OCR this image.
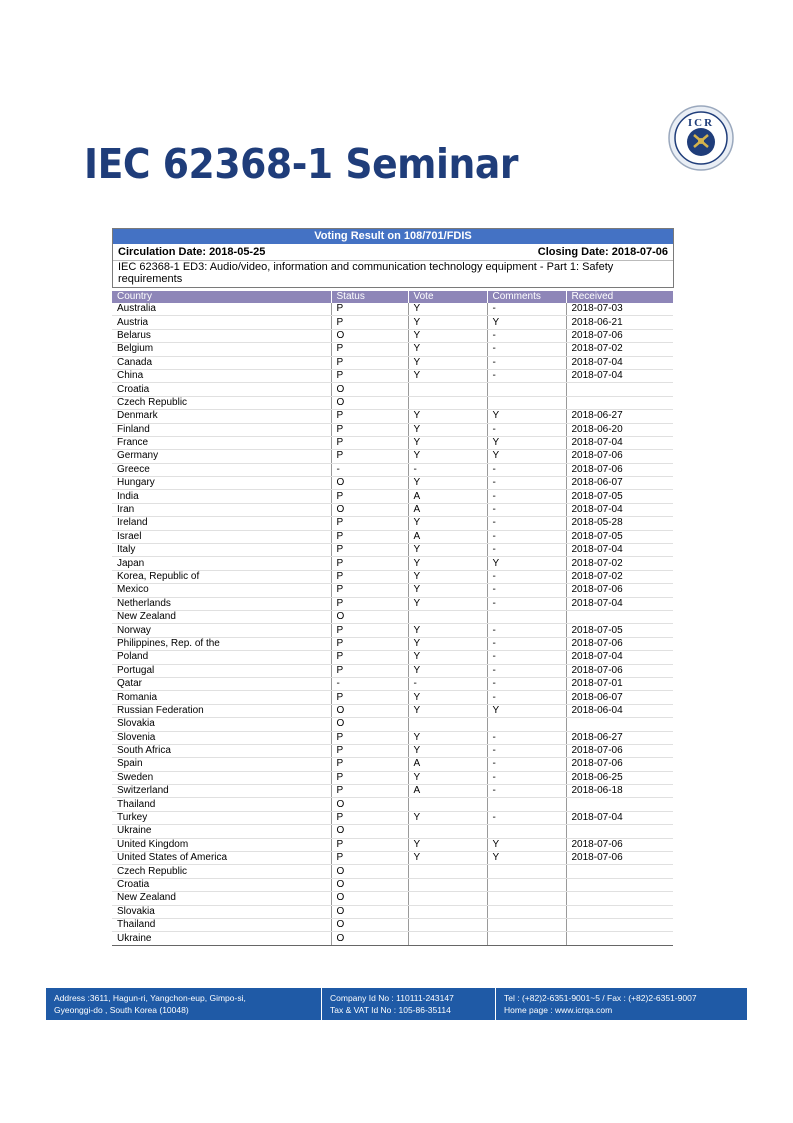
ICR
IEC 62368-1 Seminar
Voting Result on 108/701/FDIS
Circulation Date: 2018-05-25	Closing Date: 2018-07-06
IEC 62368-1 ED3: Audio/video, information and communication technology equipment - Part 1: Safety requirements
Country	Status	Vote	Comments	Received
Australia	P	Y	-	2018-07-03
Austria	P	Y	Y	2018-06-21
Belarus	O	Y	-	2018-07-06
Belgium	P	Y	-	2018-07-02
Canada	P	Y	-	2018-07-04
China	P	Y	-	2018-07-04
Croatia	O			
Czech Republic	O			
Denmark	P	Y	Y	2018-06-27
Finland	P	Y	-	2018-06-20
France	P	Y	Y	2018-07-04
Germany	P	Y	Y	2018-07-06
Greece	-	-	-	2018-07-06
Hungary	O	Y	-	2018-06-07
India	P	A	-	2018-07-05
Iran	O	A	-	2018-07-04
Ireland	P	Y	-	2018-05-28
Israel	P	A	-	2018-07-05
Italy	P	Y	-	2018-07-04
Japan	P	Y	Y	2018-07-02
Korea, Republic of	P	Y	-	2018-07-02
Mexico	P	Y	-	2018-07-06
Netherlands	P	Y	-	2018-07-04
New Zealand	O			
Norway	P	Y	-	2018-07-05
Philippines, Rep. of the	P	Y	-	2018-07-06
Poland	P	Y	-	2018-07-04
Portugal	P	Y	-	2018-07-06
Qatar	-	-	-	2018-07-01
Romania	P	Y	-	2018-06-07
Russian Federation	O	Y	Y	2018-06-04
Slovakia	O			
Slovenia	P	Y	-	2018-06-27
South Africa	P	Y	-	2018-07-06
Spain	P	A	-	2018-07-06
Sweden	P	Y	-	2018-06-25
Switzerland	P	A	-	2018-06-18
Thailand	O			
Turkey	P	Y	-	2018-07-04
Ukraine	O			
United Kingdom	P	Y	Y	2018-07-06
United States of America	P	Y	Y	2018-07-06
Czech Republic	O			
Croatia	O			
New Zealand	O			
Slovakia	O			
Thailand	O			
Ukraine	O			
Address :3611, Hagun-ri, Yangchon-eup, Gimpo-si,
Gyeonggi-do , South Korea (10048)
Company Id No : 110111-243147
Tax & VAT Id No : 105-86-35114
Tel : (+82)2-6351-9001~5 / Fax : (+82)2-6351-9007
Home page : www.icrqa.com
